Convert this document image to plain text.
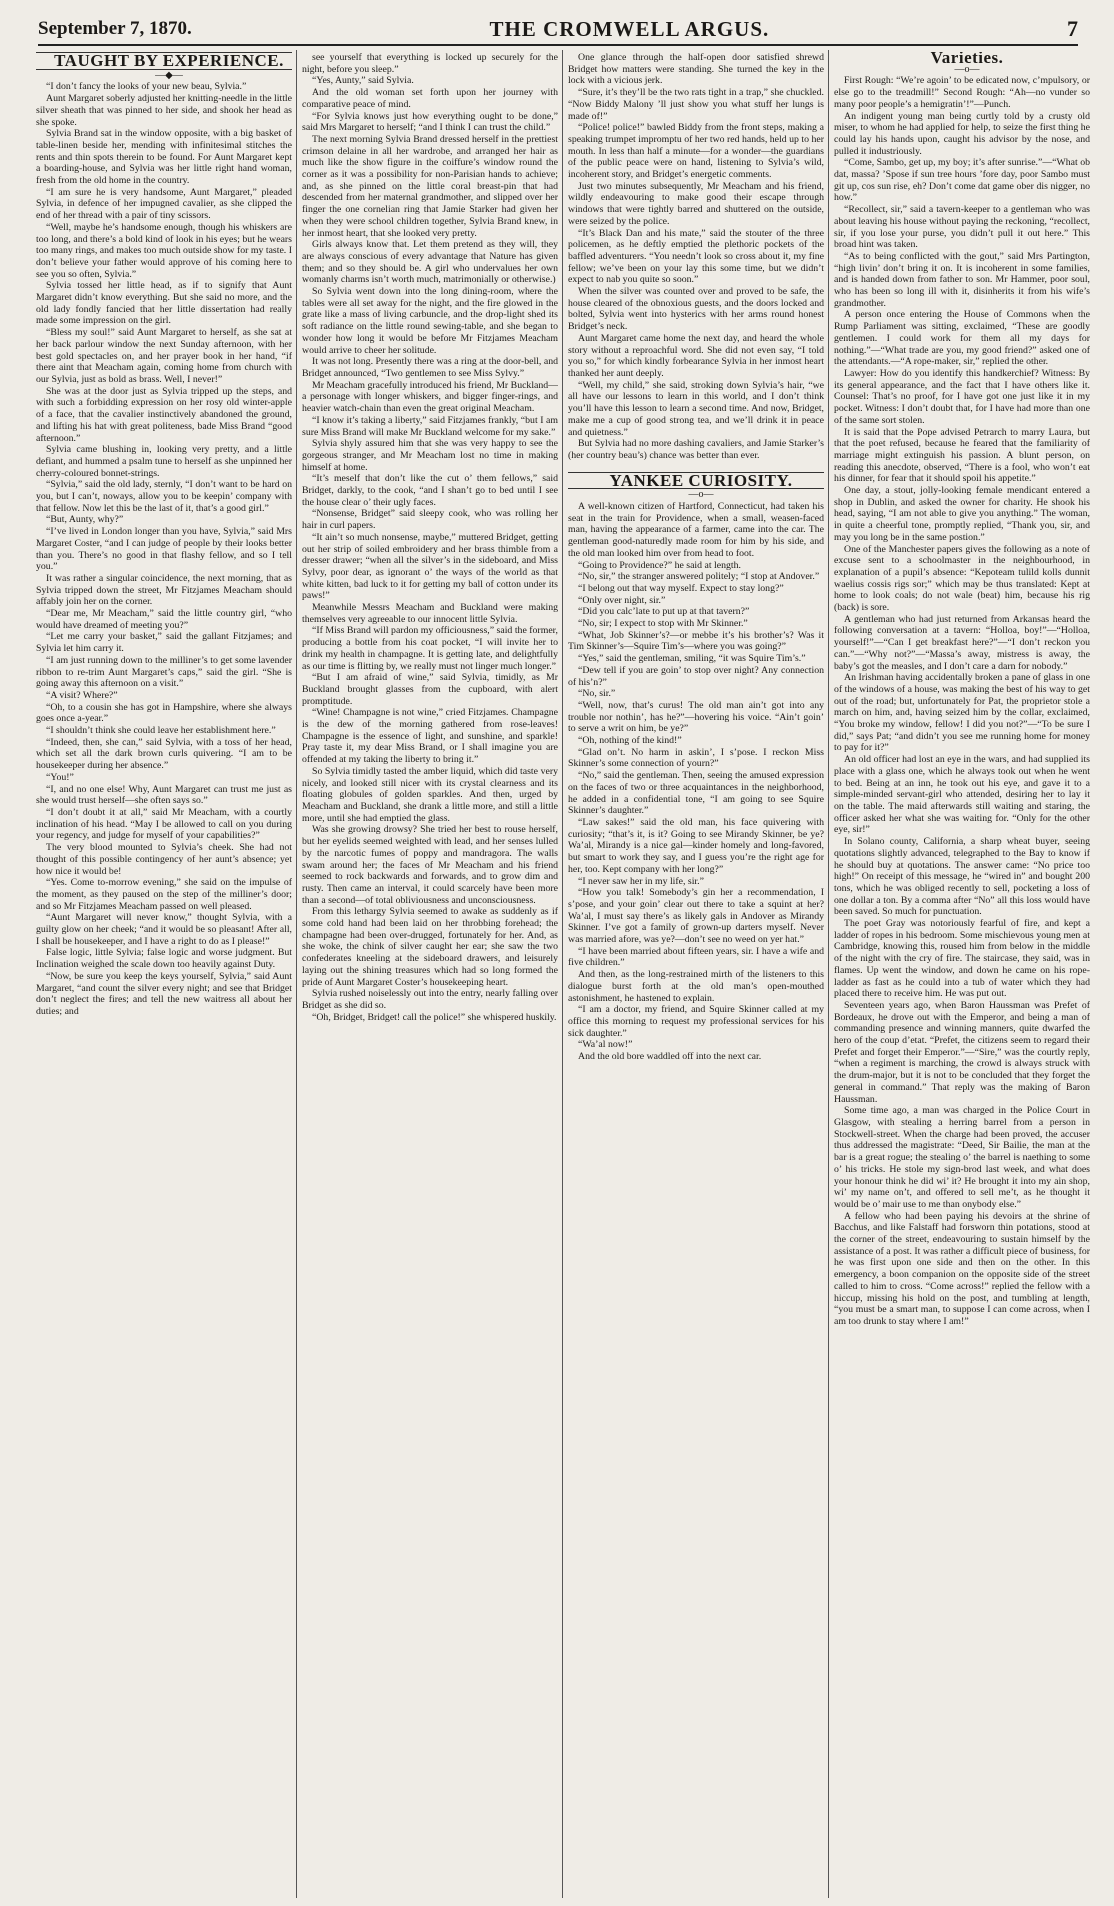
September 7, 1870.	THE CROMWELL ARGUS.	7

TAUGHT BY EXPERIENCE.

—◆—

“I don’t fancy the looks of your new beau, Sylvia.”

Aunt Margaret soberly adjusted her knitting-needle in the little silver sheath that was pinned to her side, and shook her head as she spoke.

Sylvia Brand sat in the window opposite, with a big basket of table-linen beside her, mending with infinitesimal stitches the rents and thin spots therein to be found. For Aunt Margaret kept a boarding-house, and Sylvia was her little right hand woman, fresh from the old home in the country.

“I am sure he is very handsome, Aunt Margaret,” pleaded Sylvia, in defence of her impugned cavalier, as she clipped the end of her thread with a pair of tiny scissors.

“Well, maybe he’s handsome enough, though his whiskers are too long, and there’s a bold kind of look in his eyes; but he wears too many rings, and makes too much outside show for my taste. I don’t believe your father would approve of his coming here to see you so often, Sylvia.”

Sylvia tossed her little head, as if to signify that Aunt Margaret didn’t know everything. But she said no more, and the old lady fondly fancied that her little dissertation had really made some impression on the girl.

“Bless my soul!” said Aunt Margaret to herself, as she sat at her back parlour window the next Sunday afternoon, with her best gold spectacles on, and her prayer book in her hand, “if there aint that Meacham again, coming home from church with our Sylvia, just as bold as brass. Well, I never!”

She was at the door just as Sylvia tripped up the steps, and with such a forbidding expression on her rosy old winter-apple of a face, that the cavalier instinctively abandoned the ground, and lifting his hat with great politeness, bade Miss Brand “good afternoon.”

Sylvia came blushing in, looking very pretty, and a little defiant, and hummed a psalm tune to herself as she unpinned her cherry-coloured bonnet-strings.

“Sylvia,” said the old lady, sternly, “I don’t want to be hard on you, but I can’t, noways, allow you to be keepin’ company with that fellow. Now let this be the last of it, that’s a good girl.”

“But, Aunty, why?”

“I’ve lived in London longer than you have, Sylvia,” said Mrs Margaret Coster, “and I can judge of people by their looks better than you. There’s no good in that flashy fellow, and so I tell you.”

It was rather a singular coincidence, the next morning, that as Sylvia tripped down the street, Mr Fitzjames Meacham should affably join her on the corner.

“Dear me, Mr Meacham,” said the little country girl, “who would have dreamed of meeting you?”

“Let me carry your basket,” said the gallant Fitzjames; and Sylvia let him carry it.

“I am just running down to the milliner’s to get some lavender ribbon to re-trim Aunt Margaret’s caps,” said the girl. “She is going away this afternoon on a visit.”

“A visit? Where?”

“Oh, to a cousin she has got in Hampshire, where she always goes once a-year.”

“I shouldn’t think she could leave her establishment here.”

“Indeed, then, she can,” said Sylvia, with a toss of her head, which set all the dark brown curls quivering. “I am to be housekeeper during her absence.”

“You!”

“I, and no one else! Why, Aunt Margaret can trust me just as she would trust herself—she often says so.”

“I don’t doubt it at all,” said Mr Meacham, with a courtly inclination of his head. “May I be allowed to call on you during your regency, and judge for myself of your capabilities?”

The very blood mounted to Sylvia’s cheek. She had not thought of this possible contingency of her aunt’s absence; yet how nice it would be!

“Yes. Come to-morrow evening,” she said on the impulse of the moment, as they paused on the step of the milliner’s door; and so Mr Fitzjames Meacham passed on well pleased.

“Aunt Margaret will never know,” thought Sylvia, with a guilty glow on her cheek; “and it would be so pleasant! After all, I shall be housekeeper, and I have a right to do as I please!”

False logic, little Sylvia; false logic and worse judgment. But Inclination weighed the scale down too heavily against Duty.

“Now, be sure you keep the keys yourself, Sylvia,” said Aunt Margaret, “and count the silver every night; and see that Bridget don’t neglect the fires; and tell the new waitress all about her duties; and

see yourself that everything is locked up securely for the night, before you sleep.”

“Yes, Aunty,” said Sylvia.

And the old woman set forth upon her journey with comparative peace of mind.

“For Sylvia knows just how everything ought to be done,” said Mrs Margaret to herself; “and I think I can trust the child.”

The next morning Sylvia Brand dressed herself in the prettiest crimson delaine in all her wardrobe, and arranged her hair as much like the show figure in the coiffure’s window round the corner as it was a possibility for non-Parisian hands to achieve; and, as she pinned on the little coral breast-pin that had descended from her maternal grandmother, and slipped over her finger the one cornelian ring that Jamie Starker had given her when they were school children together, Sylvia Brand knew, in her inmost heart, that she looked very pretty.

Girls always know that. Let them pretend as they will, they are always conscious of every advantage that Nature has given them; and so they should be. A girl who undervalues her own womanly charms isn’t worth much, matrimonially or otherwise.)

So Sylvia went down into the long dining-room, where the tables were all set away for the night, and the fire glowed in the grate like a mass of living carbuncle, and the drop-light shed its soft radiance on the little round sewing-table, and she began to wonder how long it would be before Mr Fitzjames Meacham would arrive to cheer her solitude.

It was not long. Presently there was a ring at the door-bell, and Bridget announced, “Two gentlemen to see Miss Sylvy.”

Mr Meacham gracefully introduced his friend, Mr Buckland—a personage with longer whiskers, and bigger finger-rings, and heavier watch-chain than even the great original Meacham.

“I know it’s taking a liberty,” said Fitzjames frankly, “but I am sure Miss Brand will make Mr Buckland welcome for my sake.”

Sylvia shyly assured him that she was very happy to see the gorgeous stranger, and Mr Meacham lost no time in making himself at home.

“It’s meself that don’t like the cut o’ them fellows,” said Bridget, darkly, to the cook, “and I shan’t go to bed until I see the house clear o’ their ugly faces.

“Nonsense, Bridget” said sleepy cook, who was rolling her hair in curl papers.

“It ain’t so much nonsense, maybe,” muttered Bridget, getting out her strip of soiled embroidery and her brass thimble from a dresser drawer; “when all the silver’s in the sideboard, and Miss Sylvy, poor dear, as ignorant o’ the ways of the world as that white kitten, bad luck to it for getting my ball of cotton under its paws!”

Meanwhile Messrs Meacham and Buckland were making themselves very agreeable to our innocent little Sylvia.

“If Miss Brand will pardon my officiousness,” said the former, producing a bottle from his coat pocket, “I will invite her to drink my health in champagne. It is getting late, and delightfully as our time is flitting by, we really must not linger much longer.”

“But I am afraid of wine,” said Sylvia, timidly, as Mr Buckland brought glasses from the cupboard, with alert promptitude.

“Wine! Champagne is not wine,” cried Fitzjames. Champagne is the dew of the morning gathered from rose-leaves! Champagne is the essence of light, and sunshine, and sparkle! Pray taste it, my dear Miss Brand, or I shall imagine you are offended at my taking the liberty to bring it.”

So Sylvia timidly tasted the amber liquid, which did taste very nicely, and looked still nicer with its crystal clearness and its floating globules of golden sparkles. And then, urged by Meacham and Buckland, she drank a little more, and still a little more, until she had emptied the glass.

Was she growing drowsy? She tried her best to rouse herself, but her eyelids seemed weighted with lead, and her senses lulled by the narcotic fumes of poppy and mandragora. The walls swam around her; the faces of Mr Meacham and his friend seemed to rock backwards and forwards, and to grow dim and rusty. Then came an interval, it could scarcely have been more than a second—of total obliviousness and unconsciousness.

From this lethargy Sylvia seemed to awake as suddenly as if some cold hand had been laid on her throbbing forehead; the champagne had been over-drugged, fortunately for her. And, as she woke, the chink of silver caught her ear; she saw the two confederates kneeling at the sideboard drawers, and leisurely laying out the shining treasures which had so long formed the pride of Aunt Margaret Coster’s housekeeping heart.

Sylvia rushed noiselessly out into the entry, nearly falling over Bridget as she did so.

“Oh, Bridget, Bridget! call the police!” she whispered huskily.

One glance through the half-open door satisfied shrewd Bridget how matters were standing. She turned the key in the lock with a vicious jerk.

“Sure, it’s they’ll be the two rats tight in a trap,” she chuckled. “Now Biddy Malony ’ll just show you what stuff her lungs is made of!”

“Police! police!” bawled Biddy from the front steps, making a speaking trumpet impromptu of her two red hands, held up to her mouth. In less than half a minute—for a wonder—the guardians of the public peace were on hand, listening to Sylvia’s wild, incoherent story, and Bridget’s energetic comments.

Just two minutes subsequently, Mr Meacham and his friend, wildly endeavouring to make good their escape through windows that were tightly barred and shuttered on the outside, were seized by the police.

“It’s Black Dan and his mate,” said the stouter of the three policemen, as he deftly emptied the plethoric pockets of the baffled adventurers. “You needn’t look so cross about it, my fine fellow; we’ve been on your lay this some time, but we didn’t expect to nab you quite so soon.”

When the silver was counted over and proved to be safe, the house cleared of the obnoxious guests, and the doors locked and bolted, Sylvia went into hysterics with her arms round honest Bridget’s neck.

Aunt Margaret came home the next day, and heard the whole story without a reproachful word. She did not even say, “I told you so,” for which kindly forbearance Sylvia in her inmost heart thanked her aunt deeply.

“Well, my child,” she said, stroking down Sylvia’s hair, “we all have our lessons to learn in this world, and I don’t think you’ll have this lesson to learn a second time. And now, Bridget, make me a cup of good strong tea, and we’ll drink it in peace and quietness.”

But Sylvia had no more dashing cavaliers, and Jamie Starker’s (her country beau’s) chance was better than ever.

YANKEE CURIOSITY.

—o—

A well-known citizen of Hartford, Connecticut, had taken his seat in the train for Providence, when a small, weasen-faced man, having the appearance of a farmer, came into the car. The gentleman good-naturedly made room for him by his side, and the old man looked him over from head to foot.

“Going to Providence?” he said at length.

“No, sir,” the stranger answered politely; “I stop at Andover.”

“I belong out that way myself. Expect to stay long?”

“Only over night, sir.”

“Did you calc’late to put up at that tavern?”

“No, sir; I expect to stop with Mr Skinner.”

“What, Job Skinner’s?—or mebbe it’s his brother’s? Was it Tim Skinner’s—Squire Tim’s—where you was going?”

“Yes,” said the gentleman, smiling, “it was Squire Tim’s.”

“Dew tell if you are goin’ to stop over night? Any connection of his’n?”

“No, sir.”

“Well, now, that’s curus! The old man ain’t got into any trouble nor nothin’, has he?”—hovering his voice. “Ain’t goin’ to serve a writ on him, be ye?”

“Oh, nothing of the kind!”

“Glad on’t. No harm in askin’, I s’pose. I reckon Miss Skinner’s some connection of yourn?”

“No,” said the gentleman. Then, seeing the amused expression on the faces of two or three acquaintances in the neighborhood, he added in a confidential tone, “I am going to see Squire Skinner’s daughter.”

“Law sakes!” said the old man, his face quivering with curiosity; “that’s it, is it? Going to see Mirandy Skinner, be ye? Wa’al, Mirandy is a nice gal—kinder homely and long-favored, but smart to work they say, and I guess you’re the right age for her, too. Kept company with her long?”

“I never saw her in my life, sir.”

“How you talk! Somebody’s gin her a recommendation, I s’pose, and your goin’ clear out there to take a squint at her? Wa’al, I must say there’s as likely gals in Andover as Mirandy Skinner. I’ve got a family of grown-up darters myself. Never was married afore, was ye?—don’t see no weed on yer hat.”

“I have been married about fifteen years, sir. I have a wife and five children.”

And then, as the long-restrained mirth of the listeners to this dialogue burst forth at the old man’s open-mouthed astonishment, he hastened to explain.

“I am a doctor, my friend, and Squire Skinner called at my office this morning to request my professional services for his sick daughter.”

“Wa’al now!”

And the old bore waddled off into the next car.

Varieties.

—o—

First Rough: “We’re agoin’ to be edicated now, c’mpulsory, or else go to the treadmill!” Second Rough: “Ah—no vunder so many poor people’s a hemigratin’!”—Punch.

An indigent young man being curtly told by a crusty old miser, to whom he had applied for help, to seize the first thing he could lay his hands upon, caught his advisor by the nose, and pulled it industriously.

“Come, Sambo, get up, my boy; it’s after sunrise.”—“What ob dat, massa? ’Spose if sun tree hours ’fore day, poor Sambo must git up, cos sun rise, eh? Don’t come dat game ober dis nigger, no how.”

“Recollect, sir,” said a tavern-keeper to a gentleman who was about leaving his house without paying the reckoning, “recollect, sir, if you lose your purse, you didn’t pull it out here.” This broad hint was taken.

“As to being conflicted with the gout,” said Mrs Partington, “high livin’ don’t bring it on. It is incoherent in some families, and is handed down from father to son. Mr Hammer, poor soul, who has been so long ill with it, disinherits it from his wife’s grandmother.

A person once entering the House of Commons when the Rump Parliament was sitting, exclaimed, “These are goodly gentlemen. I could work for them all my days for nothing.”—“What trade are you, my good friend?” asked one of the attendants.—“A rope-maker, sir,” replied the other.

Lawyer: How do you identify this handkerchief? Witness: By its general appearance, and the fact that I have others like it. Counsel: That’s no proof, for I have got one just like it in my pocket. Witness: I don’t doubt that, for I have had more than one of the same sort stolen.

It is said that the Pope advised Petrarch to marry Laura, but that the poet refused, because he feared that the familiarity of marriage might extinguish his passion. A blunt person, on reading this anecdote, observed, “There is a fool, who won’t eat his dinner, for fear that it should spoil his appetite.”

One day, a stout, jolly-looking female mendicant entered a shop in Dublin, and asked the owner for charity. He shook his head, saying, “I am not able to give you anything.” The woman, in quite a cheerful tone, promptly replied, “Thank you, sir, and may you long be in the same postion.”

One of the Manchester papers gives the following as a note of excuse sent to a schoolmaster in the neighbourhood, in explanation of a pupil’s absence: “Kepoteam tulild kolls dunnit waelius cossis rigs sor;” which may be thus translated: Kept at home to look coals; do not wale (beat) him, because his rig (back) is sore.

A gentleman who had just returned from Arkansas heard the following conversation at a tavern: “Holloa, boy!”—“Holloa, yourself!”—“Can I get breakfast here?”—“I don’t reckon you can.”—“Why not?”—“Massa’s away, mistress is away, the baby’s got the measles, and I don’t care a darn for nobody.”

An Irishman having accidentally broken a pane of glass in one of the windows of a house, was making the best of his way to get out of the road; but, unfortunately for Pat, the proprietor stole a march on him, and, having seized him by the collar, exclaimed, “You broke my window, fellow! I did you not?”—“To be sure I did,” says Pat; “and didn’t you see me running home for money to pay for it?”

An old officer had lost an eye in the wars, and had supplied its place with a glass one, which he always took out when he went to bed. Being at an inn, he took out his eye, and gave it to a simple-minded servant-girl who attended, desiring her to lay it on the table. The maid afterwards still waiting and staring, the officer asked her what she was waiting for. “Only for the other eye, sir!”

In Solano county, California, a sharp wheat buyer, seeing quotations slightly advanced, telegraphed to the Bay to know if he should buy at quotations. The answer came: “No price too high!” On receipt of this message, he “wired in” and bought 200 tons, which he was obliged recently to sell, pocketing a loss of one dollar a ton. By a comma after “No” all this loss would have been saved. So much for punctuation.

The poet Gray was notoriously fearful of fire, and kept a ladder of ropes in his bedroom. Some mischievous young men at Cambridge, knowing this, roused him from below in the middle of the night with the cry of fire. The staircase, they said, was in flames. Up went the window, and down he came on his rope-ladder as fast as he could into a tub of water which they had placed there to receive him. He was put out.

Seventeen years ago, when Baron Haussman was Prefet of Bordeaux, he drove out with the Emperor, and being a man of commanding presence and winning manners, quite dwarfed the hero of the coup d’etat. “Prefet, the citizens seem to regard their Prefet and forget their Emperor.”—“Sire,” was the courtly reply, “when a regiment is marching, the crowd is always struck with the drum-major, but it is not to be concluded that they forget the general in command.” That reply was the making of Baron Haussman.

Some time ago, a man was charged in the Police Court in Glasgow, with stealing a herring barrel from a person in Stockwell-street. When the charge had been proved, the accuser thus addressed the magistrate: “Deed, Sir Bailie, the man at the bar is a great rogue; the stealing o’ the barrel is naething to some o’ his tricks. He stole my sign-brod last week, and what does your honour think he did wi’ it? He brought it into my ain shop, wi’ my name on’t, and offered to sell me’t, as he thought it would be o’ mair use to me than onybody else.”

A fellow who had been paying his devoirs at the shrine of Bacchus, and like Falstaff had forsworn thin potations, stood at the corner of the street, endeavouring to sustain himself by the assistance of a post. It was rather a difficult piece of business, for he was first upon one side and then on the other. In this emergency, a boon companion on the opposite side of the street called to him to cross. “Come across!” replied the fellow with a hiccup, missing his hold on the post, and tumbling at length, “you must be a smart man, to suppose I can come across, when I am too drunk to stay where I am!”
